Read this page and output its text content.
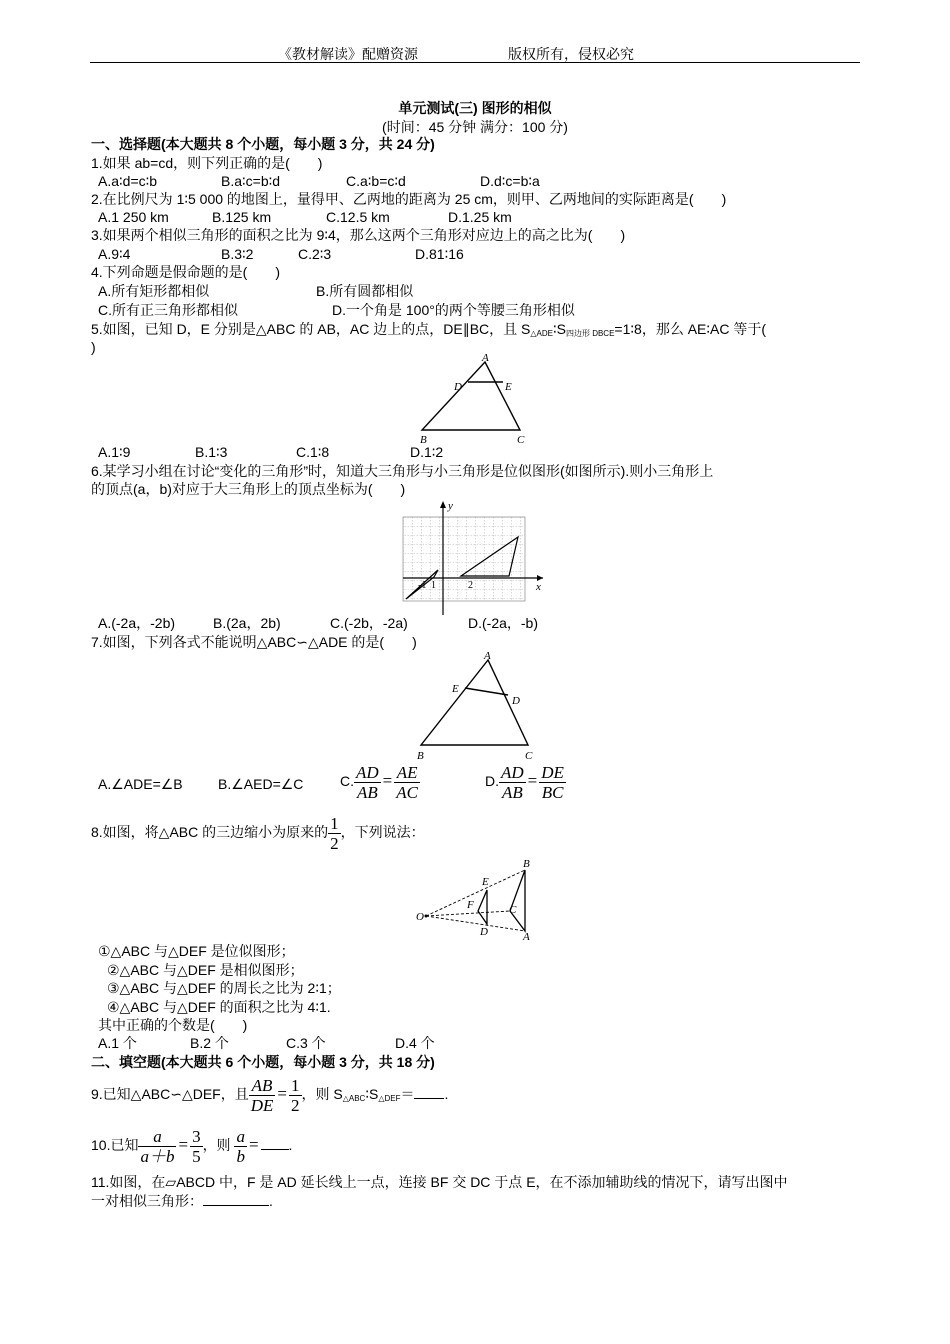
《教材解读》配赠资源	版权所有，侵权必究
单元测试(三) 图形的相似
(时间：45 分钟 满分：100 分)
一、选择题(本大题共 8 个小题，每小题 3 分，共 24 分)
1.如果 ab=cd，则下列正确的是(　　)
A.a∶d=c∶b	B.a∶c=b∶d	C.a∶b=c∶d	D.d∶c=b∶a
2.在比例尺为 1∶5 000 的地图上，量得甲、乙两地的距离为 25 cm，则甲、乙两地间的实际距离是(　　)
A.1 250 km	B.125 km	C.12.5 km	D.1.25 km
3.如果两个相似三角形的面积之比为 9∶4，那么这两个三角形对应边上的高之比为(　　)
A.9∶4	B.3∶2	C.2∶3	D.81∶16
4.下列命题是假命题的是(　　)
A.所有矩形都相似	B.所有圆都相似
C.所有正三角形都相似	D.一个角是 100°的两个等腰三角形相似
5.如图，已知 D，E 分别是△ABC 的 AB，AC 边上的点，DE∥BC，且 $S_{\triangle ADE}∶S_{四边形 DBCE}=1∶8$，那么 AE∶AC 等于(
)
A
D	E
B	C
A.1∶9	B.1∶3	C.1∶8	D.1∶2
6.某学习小组在讨论“变化的三角形”时，知道大三角形与小三角形是位似图形(如图所示).则小三角形上
的顶点(a，b)对应于大三角形上的顶点坐标为(　　)
y
x
-1 1	2
A.(-2a，-2b)	B.(2a，2b)	C.(-2b，-2a)	D.(-2a，-b)
7.如图，下列各式不能说明△ABC∽△ADE 的是(　　)
A
E
D
B	C
A.∠ADE=∠B	B.∠AED=∠C	C. $\frac{AD}{AB} = \frac{AE}{AC}$	D. $\frac{AD}{AB} = \frac{DE}{BC}$
8.如图，将△ABC 的三边缩小为原来的 $\frac{1}{2}$ ，下列说法：
O
E
F
D
B
C
A
①△ABC 与△DEF 是位似图形；
②△ABC 与△DEF 是相似图形；
③△ABC 与△DEF 的周长之比为 2∶1；
④△ABC 与△DEF 的面积之比为 4∶1.
其中正确的个数是(　　)
A.1 个	B.2 个	C.3 个	D.4 个
二、填空题(本大题共 6 个小题，每小题 3 分，共 18 分)
9.已知△ABC∽△DEF，且 $\frac{AB}{DE} = \frac{1}{2}$ ，则 $S_{\triangle ABC}∶S_{\triangle DEF}=$ .
10.已知 $\frac{a}{a+b} = \frac{3}{5}$ ，则 $\frac{a}{b}$ = .
11.如图，在▱ABCD 中，F 是 AD 延长线上一点，连接 BF 交 DC 于点 E，在不添加辅助线的情况下，请写出图中
一对相似三角形：	.
